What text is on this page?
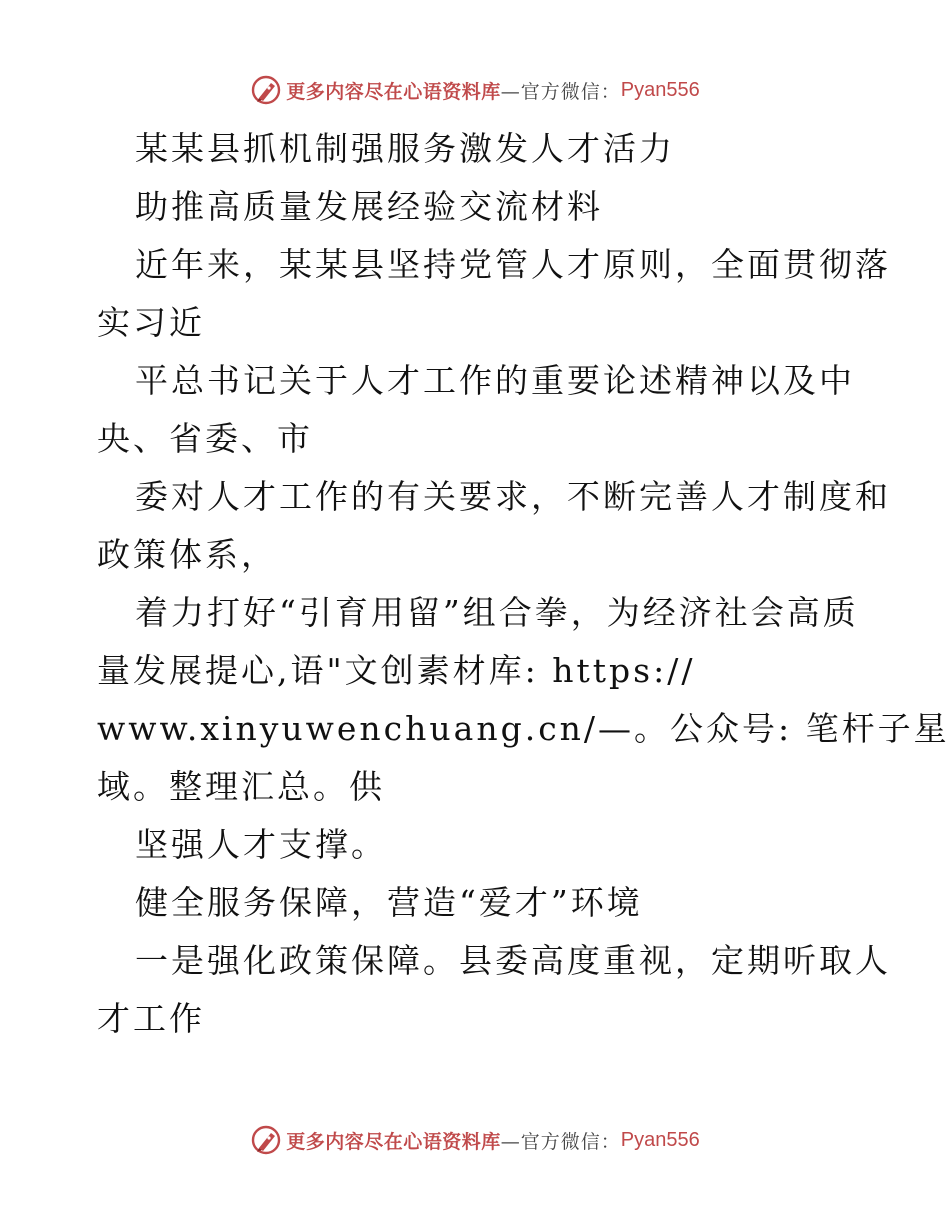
更多内容尽在心语资料库 —官方微信： Pyan556
某某县抓机制强服务激发人才活力
助推高质量发展经验交流材料
近年来，某某县坚持党管人才原则，全面贯彻落
实习近
平总书记关于人才工作的重要论述精神以及中
央、省委、市
委对人才工作的有关要求，不断完善人才制度和
政策体系，
着力打好“引育用留”组合拳，为经济社会高质
量发展提心,语"文创素材库: https://
www.xinyuwenchuang.cn/—。公众号: 笔杆子星
域。整理汇总。供
坚强人才支撑。
健全服务保障，营造“爱才”环境
一是强化政策保障。县委高度重视，定期听取人
才工作
更多内容尽在心语资料库 —官方微信： Pyan556
